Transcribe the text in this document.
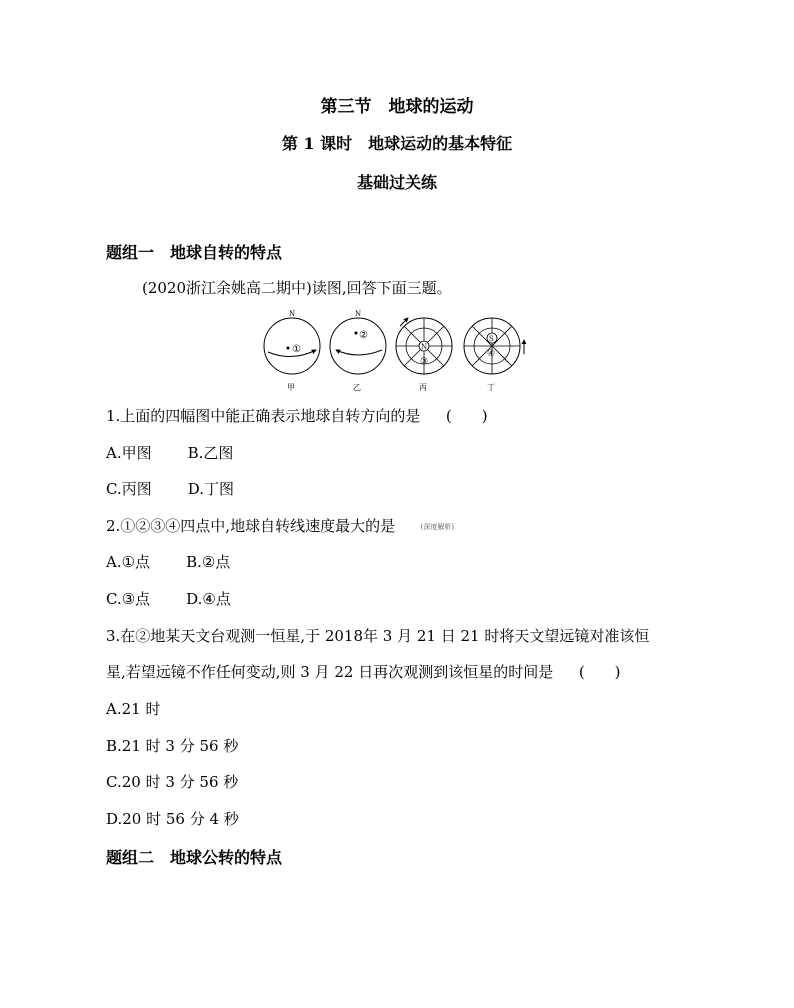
第三节　地球的运动
第 1 课时　地球运动的基本特征
基础过关练
题组一　地球自转的特点
(2020浙江余姚高二期中)读图,回答下面三题。
N
①
甲
N
②
乙
N
③
丙
S
④
丁
1.上面的四幅图中能正确表示地球自转方向的是 (　　)
A.甲图 B.乙图
C.丙图 D.丁图
2.①②③④四点中,地球自转线速度最大的是	(深度解析)
A.①点 B.②点
C.③点 D.④点
3.在②地某天文台观测一恒星,于 2018年 3 月 21 日 21 时将天文望远镜对准该恒
星,若望远镜不作任何变动,则 3 月 22 日再次观测到该恒星的时间是 (　　)
A.21 时
B.21 时 3 分 56 秒
C.20 时 3 分 56 秒
D.20 时 56 分 4 秒
题组二　地球公转的特点
